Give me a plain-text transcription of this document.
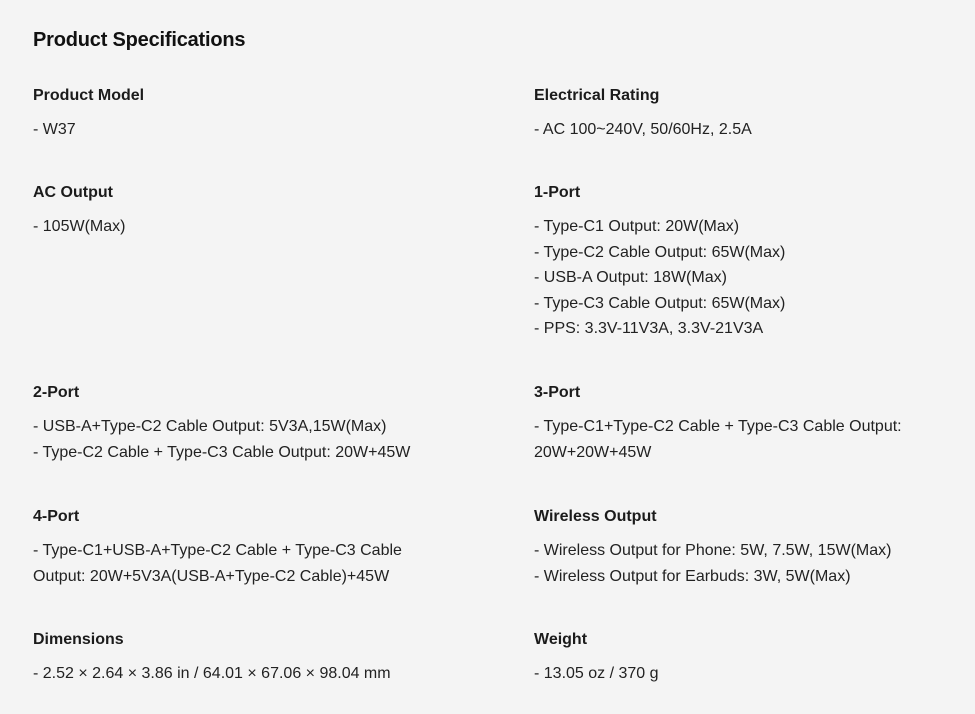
Product Specifications
Product Model

- W37

Electrical Rating

- AC 100~240V, 50/60Hz, 2.5A

AC Output

- 105W(Max)

1-Port

- Type-C1 Output: 20W(Max)

- Type-C2 Cable Output: 65W(Max)

- USB-A Output: 18W(Max)

- Type-C3 Cable Output: 65W(Max)

- PPS: 3.3V-11V3A, 3.3V-21V3A

2-Port

- USB-A+Type-C2 Cable Output: 5V3A,15W(Max)

- Type-C2 Cable + Type-C3 Cable Output: 20W+45W

3-Port

- Type-C1+Type-C2 Cable + Type-C3 Cable Output: 20W+20W+45W

4-Port

- Type-C1+USB-A+Type-C2 Cable + Type-C3 Cable Output: 20W+5V3A(USB-A+Type-C2 Cable)+45W

Wireless Output

- Wireless Output for Phone: 5W, 7.5W, 15W(Max)

- Wireless Output for Earbuds: 3W, 5W(Max)

Dimensions

- 2.52 × 2.64 × 3.86 in / 64.01 × 67.06 × 98.04 mm

Weight

- 13.05 oz / 370 g
